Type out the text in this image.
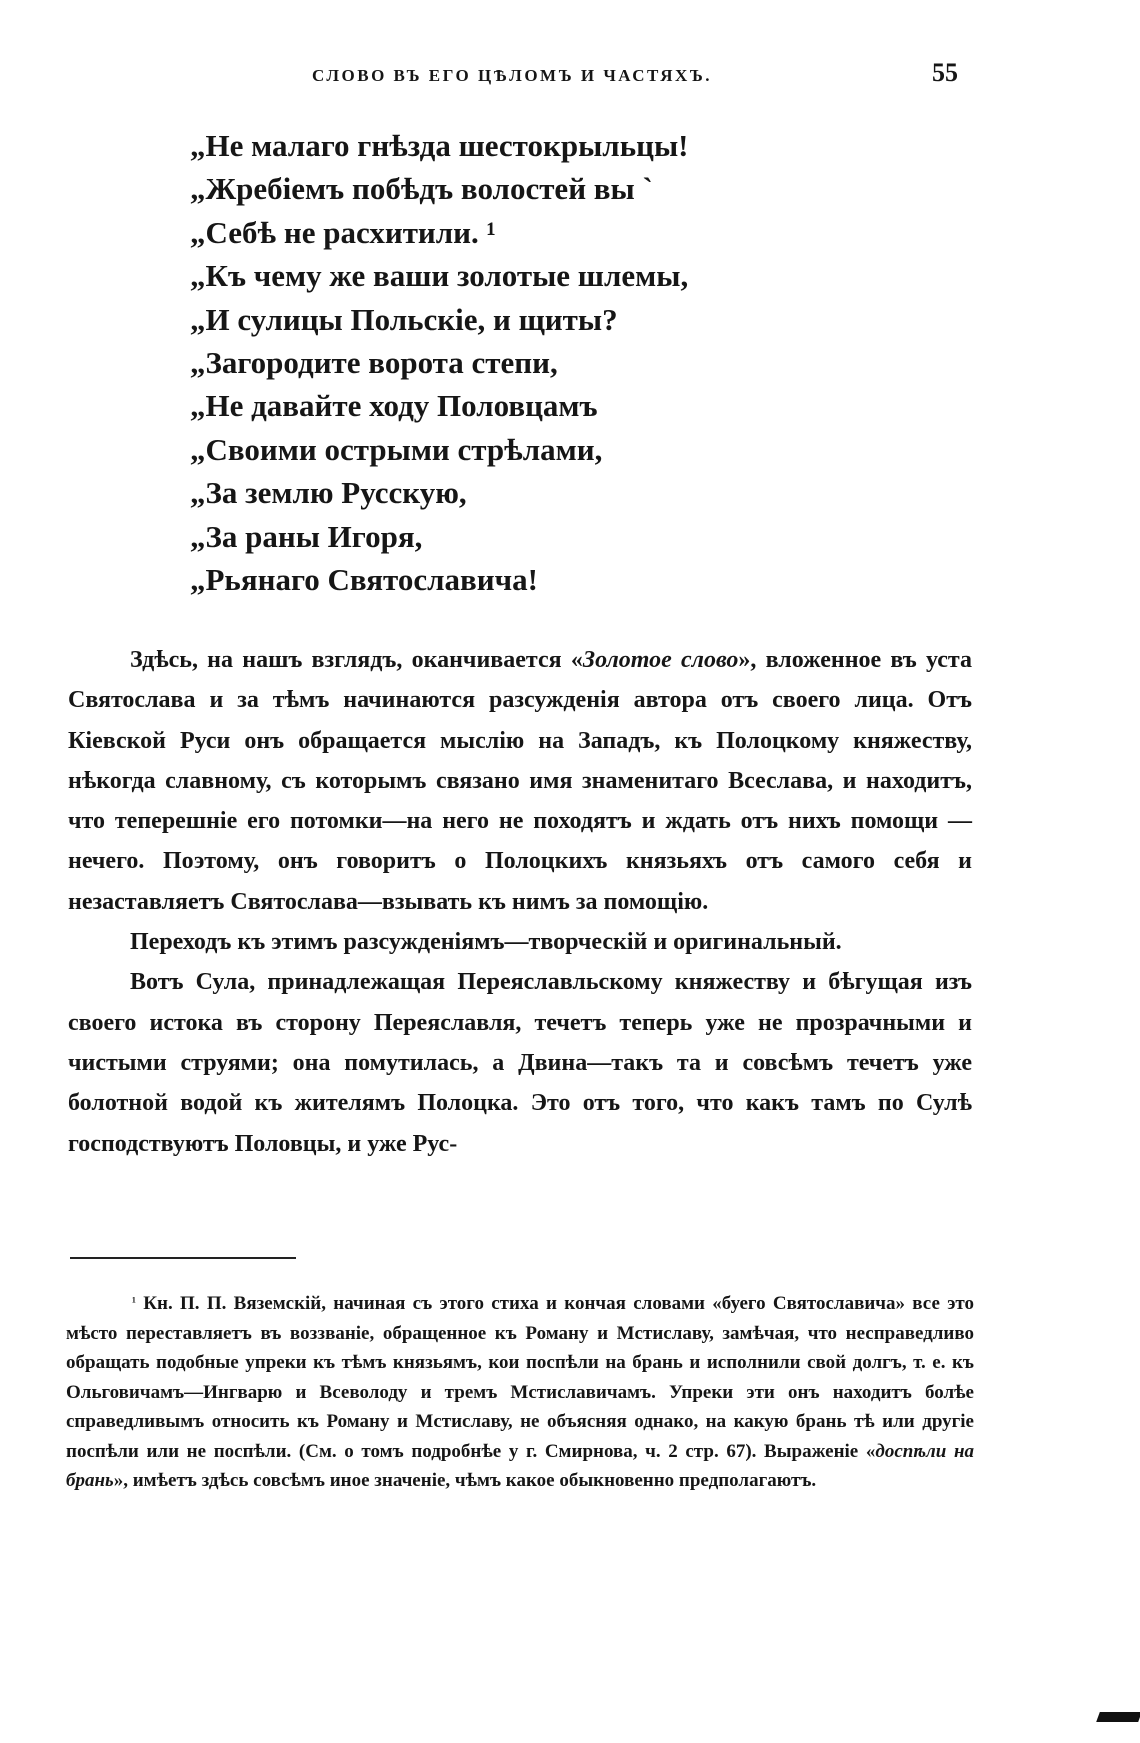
СЛОВО ВЪ ЕГО ЦѢЛОМЪ И ЧАСТЯХЪ.	55
„Не малаго гнѣзда шестокрыльцы!
„Жребіемъ побѣдъ волостей вы ˋ
„Себѣ не расхитили. ¹
„Къ чему же ваши золотые шлемы,
„И сулицы Польскіе, и щиты?
„Загородите ворота степи,
„Не давайте ходу Половцамъ
„Своими острыми стрѣлами,
„За землю Русскую,
„За раны Игоря,
„Рьянаго Святославича!

Здѣсь, на нашъ взглядъ, оканчивается «Золотое слово», вложенное въ уста Святослава и за тѣмъ начинаются разсужденія автора отъ своего лица. Отъ Кіевской Руси онъ обращается мыслію на Западъ, къ Полоцкому княжеству, нѣкогда славному, съ которымъ связано имя знаменитаго Всеслава, и находитъ, что теперешніе его потомки—на него не походятъ и ждать отъ нихъ помощи — нечего. Поэтому, онъ говоритъ о Полоцкихъ князьяхъ отъ самого себя и незаставляетъ Святослава—взывать къ нимъ за помощію.

Переходъ къ этимъ разсужденіямъ—творческій и оригинальный.

Вотъ Сула, принадлежащая Переяславльскому княжеству и бѣгущая изъ своего истока въ сторону Переяславля, течетъ теперь уже не прозрачными и чистыми струями; она помутилась, а Двина—такъ та и совсѣмъ течетъ уже болотной водой къ жителямъ Полоцка. Это отъ того, что какъ тамъ по Сулѣ господствуютъ Половцы, и уже Рус-

$^{^1}$ Кн. П. П. Вяземскій, начиная съ этого стиха и кончая словами «буего Святославича» все это мѣсто переставляетъ въ воззваніе, обращенное къ Роману и Мстиславу, замѣчая, что несправедливо обращать подобные упреки къ тѣмъ князьямъ, кои поспѣли на брань и исполнили свой долгъ, т. е. къ Ольговичамъ—Ингварю и Всеволоду и тремъ Мстиславичамъ. Упреки эти онъ находитъ болѣе справедливымъ относить къ Роману и Мстиславу, не объясняя однако, на какую брань тѣ или другіе поспѣли или не поспѣли. (См. о томъ подробнѣе у г. Смирнова, ч. 2 стр. 67). Выраженіе «доспѣли на брань», имѣетъ здѣсь совсѣмъ иное значеніе, чѣмъ какое обыкновенно предполагаютъ.
